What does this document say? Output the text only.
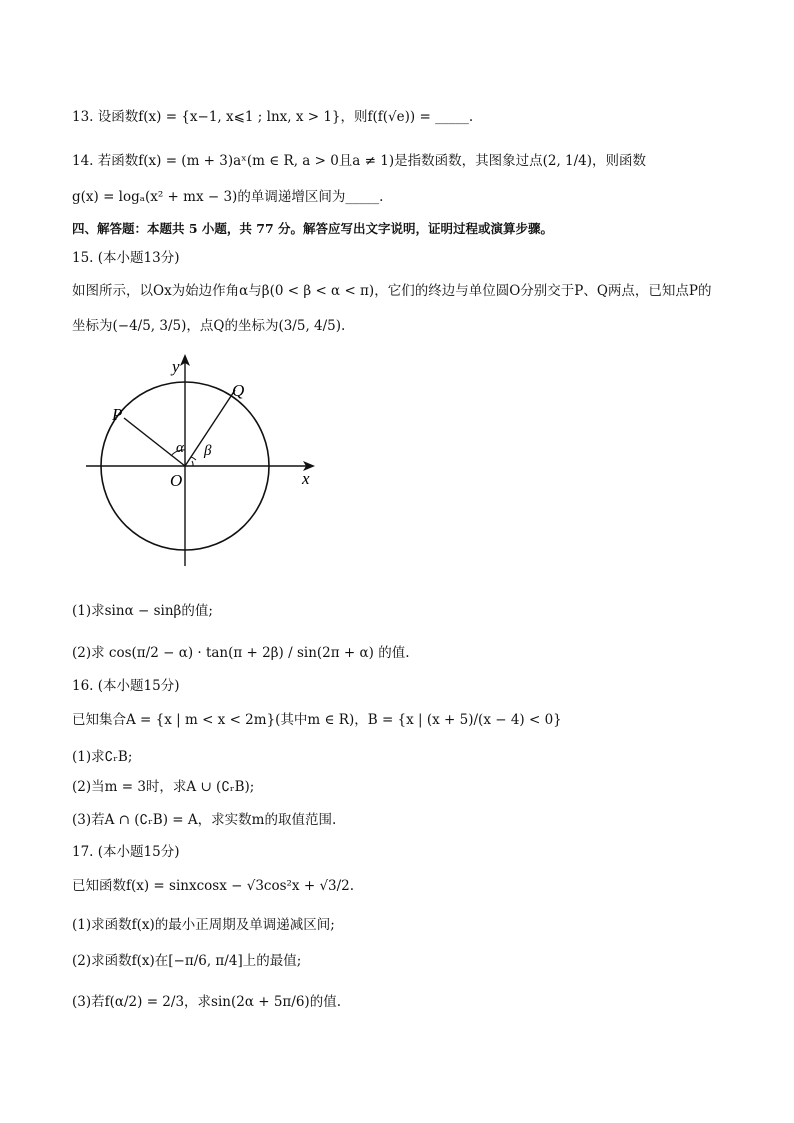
13. 设函数f(x) = {x−1, x⩽1 ; lnx, x > 1}，则f(f(√e)) = _____.
14. 若函数f(x) = (m + 3)aˣ(m ∈ R, a > 0且a ≠ 1)是指数函数，其图象过点(2, 1/4)，则函数
g(x) = logₐ(x² + mx − 3)的单调递增区间为_____.
四、解答题：本题共 5 小题，共 77 分。解答应写出文字说明，证明过程或演算步骤。
15. (本小题13分)
如图所示，以Ox为始边作角α与β(0 < β < α < π)，它们的终边与单位圆O分别交于P、Q两点，已知点P的
坐标为(−4/5, 3/5)，点Q的坐标为(3/5, 4/5).
y
x
O
P
Q
α β
(1)求sinα − sinβ的值;
(2)求 cos(π/2 − α) · tan(π + 2β) / sin(2π + α) 的值.
16. (本小题15分)
已知集合A = {x | m < x < 2m}(其中m ∈ R)，B = {x | (x + 5)/(x − 4) < 0}
(1)求∁ᵣB;
(2)当m = 3时，求A ∪ (∁ᵣB);
(3)若A ∩ (∁ᵣB) = A，求实数m的取值范围.
17. (本小题15分)
已知函数f(x) = sinxcosx − √3cos²x + √3/2.
(1)求函数f(x)的最小正周期及单调递减区间;
(2)求函数f(x)在[−π/6, π/4]上的最值;
(3)若f(α/2) = 2/3，求sin(2α + 5π/6)的值.
